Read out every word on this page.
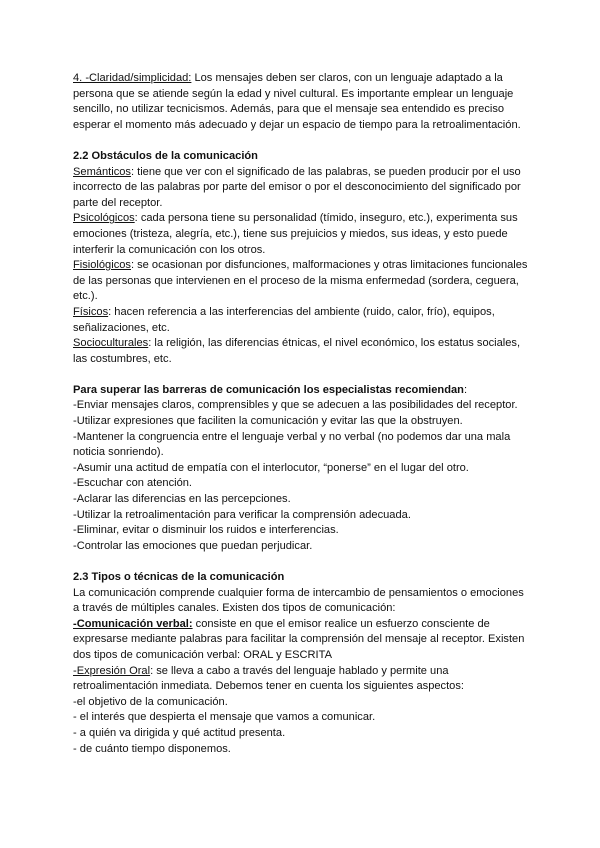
4. -Claridad/simplicidad: Los mensajes deben ser claros, con un lenguaje adaptado a la persona que se atiende según la edad y nivel cultural. Es importante emplear un lenguaje sencillo, no utilizar tecnicismos. Además, para que el mensaje sea entendido es preciso esperar el momento más adecuado y dejar un espacio de tiempo para la retroalimentación.

2.2 Obstáculos de la comunicación

Semánticos: tiene que ver con el significado de las palabras, se pueden producir por el uso incorrecto de las palabras por parte del emisor o por el desconocimiento del significado por parte del receptor.

Psicológicos: cada persona tiene su personalidad (tímido, inseguro, etc.), experimenta sus emociones (tristeza, alegría, etc.), tiene sus prejuicios y miedos, sus ideas, y esto puede interferir la comunicación con los otros.

Fisiológicos: se ocasionan por disfunciones, malformaciones y otras limitaciones funcionales de las personas que intervienen en el proceso de la misma enfermedad (sordera, ceguera, etc.).

Físicos: hacen referencia a las interferencias del ambiente (ruido, calor, frío), equipos, señalizaciones, etc.

Socioculturales: la religión, las diferencias étnicas, el nivel económico, los estatus sociales, las costumbres, etc.

Para superar las barreras de comunicación los especialistas recomiendan:

-Enviar mensajes claros, comprensibles y que se adecuen a las posibilidades del receptor.

-Utilizar expresiones que faciliten la comunicación y evitar las que la obstruyen.

-Mantener la congruencia entre el lenguaje verbal y no verbal (no podemos dar una mala noticia sonriendo).

-Asumir una actitud de empatía con el interlocutor, “ponerse” en el lugar del otro.

-Escuchar con atención.

-Aclarar las diferencias en las percepciones.

-Utilizar la retroalimentación para verificar la comprensión adecuada.

-Eliminar, evitar o disminuir los ruidos e interferencias.

-Controlar las emociones que puedan perjudicar.

2.3 Tipos o técnicas de la comunicación

La comunicación comprende cualquier forma de intercambio de pensamientos o emociones a través de múltiples canales. Existen dos tipos de comunicación:

-Comunicación verbal: consiste en que el emisor realice un esfuerzo consciente de expresarse mediante palabras para facilitar la comprensión del mensaje al receptor. Existen dos tipos de comunicación verbal: ORAL y ESCRITA

-Expresión Oral: se lleva a cabo a través del lenguaje hablado y permite una retroalimentación inmediata. Debemos tener en cuenta los siguientes aspectos:

-el objetivo de la comunicación.

- el interés que despierta el mensaje que vamos a comunicar.

- a quién va dirigida y qué actitud presenta.

- de cuánto tiempo disponemos.
